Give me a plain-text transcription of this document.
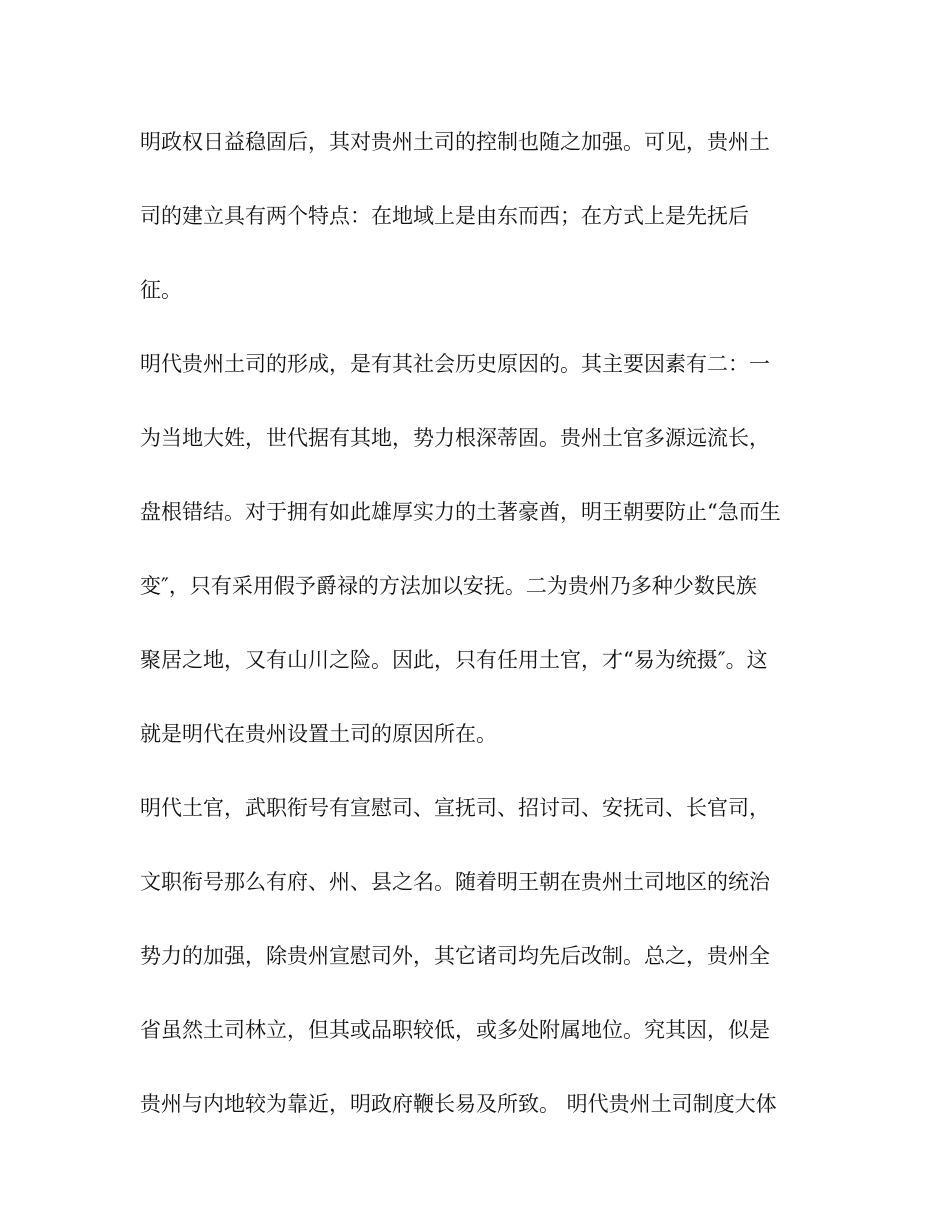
明政权日益稳固后，其对贵州土司的控制也随之加强。可见，贵州土
司的建立具有两个特点：在地域上是由东而西；在方式上是先抚后
征。
明代贵州土司的形成，是有其社会历史原因的。其主要因素有二：一
为当地大姓，世代据有其地，势力根深蒂固。贵州土官多源远流长，
盘根错结。对于拥有如此雄厚实力的土著豪酋，明王朝要防止“急而生
变″，只有采用假予爵禄的方法加以安抚。二为贵州乃多种少数民族
聚居之地，又有山川之险。因此，只有任用土官，才“易为统摄″。这
就是明代在贵州设置土司的原因所在。
明代土官，武职衔号有宣慰司、宣抚司、招讨司、安抚司、长官司，
文职衔号那么有府、州、县之名。随着明王朝在贵州土司地区的统治
势力的加强，除贵州宣慰司外，其它诸司均先后改制。总之，贵州全
省虽然土司林立，但其或品职较低，或多处附属地位。究其因，似是
贵州与内地较为靠近，明政府鞭长易及所致。 明代贵州土司制度大体
